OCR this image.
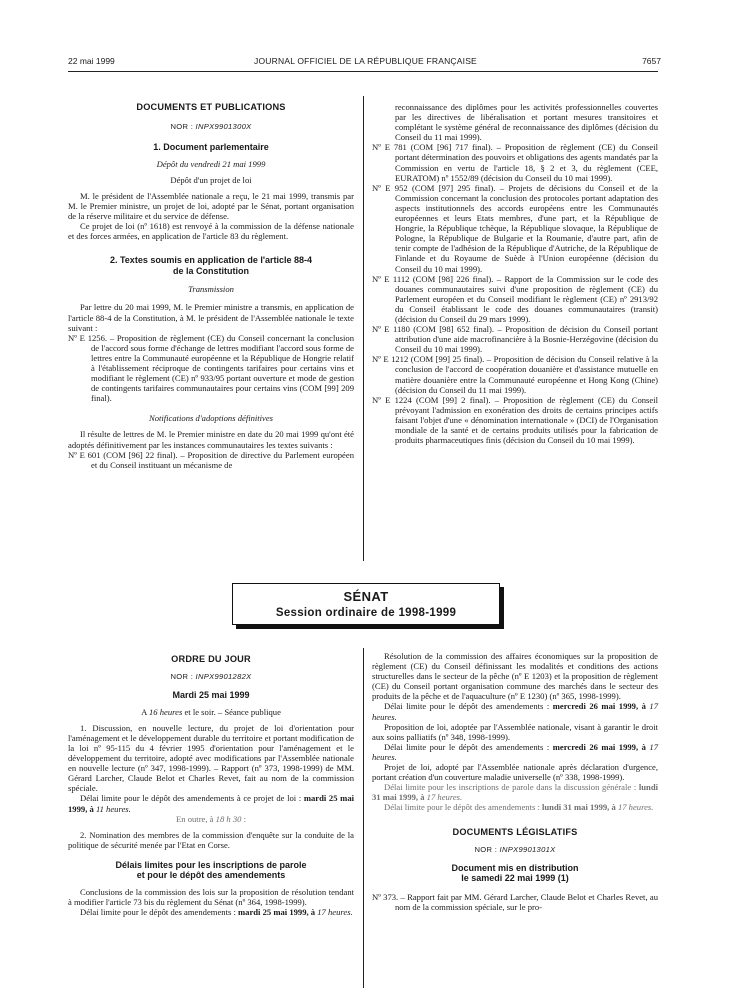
22 mai 1999	JOURNAL OFFICIEL DE LA RÉPUBLIQUE FRANÇAISE	7657
DOCUMENTS ET PUBLICATIONS
NOR : INPX9901300X
1. Document parlementaire
Dépôt du vendredi 21 mai 1999
Dépôt d'un projet de loi

M. le président de l'Assemblée nationale a reçu, le 21 mai 1999, transmis par M. le Premier ministre, un projet de loi, adopté par le Sénat, portant organisation de la réserve militaire et du service de défense.

Ce projet de loi (nº 1618) est renvoyé à la commission de la défense nationale et des forces armées, en application de l'article 83 du règlement.

2. Textes soumis en application de l'article 88-4
de la Constitution
Transmission

Par lettre du 20 mai 1999, M. le Premier ministre a transmis, en application de l'article 88-4 de la Constitution, à M. le président de l'Assemblée nationale le texte suivant :

Nº E 1256. – Proposition de règlement (CE) du Conseil concernant la conclusion de l'accord sous forme d'échange de lettres modifiant l'accord sous forme de lettres entre la Communauté européenne et la République de Hongrie relatif à l'établissement réciproque de contingents tarifaires pour certains vins et modifiant le règlement (CE) nº 933/95 portant ouverture et mode de gestion de contingents tarifaires communautaires pour certains vins (COM [99] 209 final).

Notifications d'adoptions définitives

Il résulte de lettres de M. le Premier ministre en date du 20 mai 1999 qu'ont été adoptés définitivement par les instances communautaires les textes suivants :

Nº E 601 (COM [96] 22 final). – Proposition de directive du Parlement européen et du Conseil instituant un mécanisme de

reconnaissance des diplômes pour les activités professionnelles couvertes par les directives de libéralisation et portant mesures transitoires et complétant le système général de reconnaissance des diplômes (décision du Conseil du 11 mai 1999).

Nº E 781 (COM [96] 717 final). – Proposition de règlement (CE) du Conseil portant détermination des pouvoirs et obligations des agents mandatés par la Commission en vertu de l'article 18, § 2 et 3, du règlement (CEE, EURATOM) nº 1552/89 (décision du Conseil du 10 mai 1999).

Nº E 952 (COM [97] 295 final). – Projets de décisions du Conseil et de la Commission concernant la conclusion des protocoles portant adaptation des aspects institutionnels des accords européens entre les Communautés européennes et leurs Etats membres, d'une part, et la République de Hongrie, la République tchèque, la République slovaque, la République de Pologne, la République de Bulgarie et la Roumanie, d'autre part, afin de tenir compte de l'adhésion de la République d'Autriche, de la République de Finlande et du Royaume de Suède à l'Union européenne (décision du Conseil du 10 mai 1999).

Nº E 1112 (COM [98] 226 final). – Rapport de la Commission sur le code des douanes communautaires suivi d'une proposition de règlement (CE) du Parlement européen et du Conseil modifiant le règlement (CE) nº 2913/92 du Conseil établissant le code des douanes communautaires (transit) (décision du Conseil du 29 mars 1999).

Nº E 1180 (COM [98] 652 final). – Proposition de décision du Conseil portant attribution d'une aide macrofinancière à la Bosnie-Herzégovine (décision du Conseil du 10 mai 1999).

Nº E 1212 (COM [99] 25 final). – Proposition de décision du Conseil relative à la conclusion de l'accord de coopération douanière et d'assistance mutuelle en matière douanière entre la Communauté européenne et Hong Kong (Chine) (décision du Conseil du 11 mai 1999).

Nº E 1224 (COM [99] 2 final). – Proposition de règlement (CE) du Conseil prévoyant l'admission en exonération des droits de certains principes actifs faisant l'objet d'une « dénomination internationale » (DCI) de l'Organisation mondiale de la santé et de certains produits utilisés pour la fabrication de produits pharmaceutiques finis (décision du Conseil du 10 mai 1999).

SÉNAT
Session ordinaire de 1998-1999
ORDRE DU JOUR
NOR : INPX9901282X
Mardi 25 mai 1999
A 16 heures et le soir. – Séance publique

1. Discussion, en nouvelle lecture, du projet de loi d'orientation pour l'aménagement et le développement durable du territoire et portant modification de la loi nº 95-115 du 4 février 1995 d'orientation pour l'aménagement et le développement du territoire, adopté avec modifications par l'Assemblée nationale en nouvelle lecture (nº 347, 1998-1999). – Rapport (nº 373, 1998-1999) de MM. Gérard Larcher, Claude Belot et Charles Revet, fait au nom de la commission spéciale.

Délai limite pour le dépôt des amendements à ce projet de loi : mardi 25 mai 1999, à 11 heures.

En outre, à 18 h 30 :

2. Nomination des membres de la commission d'enquête sur la conduite de la politique de sécurité menée par l'Etat en Corse.

Délais limites pour les inscriptions de parole
et pour le dépôt des amendements

Conclusions de la commission des lois sur la proposition de résolution tendant à modifier l'article 73 bis du règlement du Sénat (nº 364, 1998-1999).

Délai limite pour le dépôt des amendements : mardi 25 mai 1999, à 17 heures.

Résolution de la commission des affaires économiques sur la proposition de règlement (CE) du Conseil définissant les modalités et conditions des actions structurelles dans le secteur de la pêche (nº E 1203) et la proposition de règlement (CE) du Conseil portant organisation commune des marchés dans le secteur des produits de la pêche et de l'aquaculture (nº E 1230) (nº 365, 1998-1999).

Délai limite pour le dépôt des amendements : mercredi 26 mai 1999, à 17 heures.

Proposition de loi, adoptée par l'Assemblée nationale, visant à garantir le droit aux soins palliatifs (nº 348, 1998-1999).

Délai limite pour le dépôt des amendements : mercredi 26 mai 1999, à 17 heures.

Projet de loi, adopté par l'Assemblée nationale après déclaration d'urgence, portant création d'un couverture maladie universelle (nº 338, 1998-1999).

Délai limite pour les inscriptions de parole dans la discussion générale : lundi 31 mai 1999, à 17 heures.

Délai limite pour le dépôt des amendements : lundi 31 mai 1999, à 17 heures.

DOCUMENTS LÉGISLATIFS
NOR : INPX9901301X
Document mis en distribution
le samedi 22 mai 1999 (1)

Nº 373. – Rapport fait par MM. Gérard Larcher, Claude Belot et Charles Revet, au nom de la commission spéciale, sur le pro-
